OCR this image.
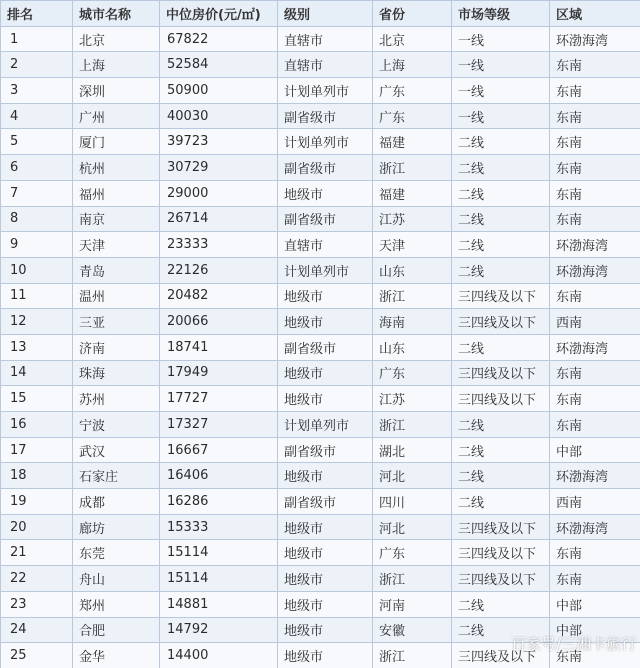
排名	城市名称	中位房价(元/㎡)	级别	省份	市场等级	区域
1	北京	67822	直辖市	北京	一线	环渤海湾
2	上海	52584	直辖市	上海	一线	东南
3	深圳	50900	计划单列市	广东	一线	东南
4	广州	40030	副省级市	广东	一线	东南
5	厦门	39723	计划单列市	福建	二线	东南
6	杭州	30729	副省级市	浙江	二线	东南
7	福州	29000	地级市	福建	二线	东南
8	南京	26714	副省级市	江苏	二线	东南
9	天津	23333	直辖市	天津	二线	环渤海湾
10	青岛	22126	计划单列市	山东	二线	环渤海湾
11	温州	20482	地级市	浙江	三四线及以下	东南
12	三亚	20066	地级市	海南	三四线及以下	西南
13	济南	18741	副省级市	山东	二线	环渤海湾
14	珠海	17949	地级市	广东	三四线及以下	东南
15	苏州	17727	地级市	江苏	三四线及以下	东南
16	宁波	17327	计划单列市	浙江	二线	东南
17	武汉	16667	副省级市	湖北	二线	中部
18	石家庄	16406	地级市	河北	二线	环渤海湾
19	成都	16286	副省级市	四川	二线	西南
20	廊坊	15333	地级市	河北	三四线及以下	环渤海湾
21	东莞	15114	地级市	广东	三四线及以下	东南
22	舟山	15114	地级市	浙江	三四线及以下	东南
23	郑州	14881	地级市	河南	二线	中部
24	合肥	14792	地级市	安徽	二线	中部
25	金华	14400	地级市	浙江	三四线及以下	东南
百家号/三湘卡旅行
